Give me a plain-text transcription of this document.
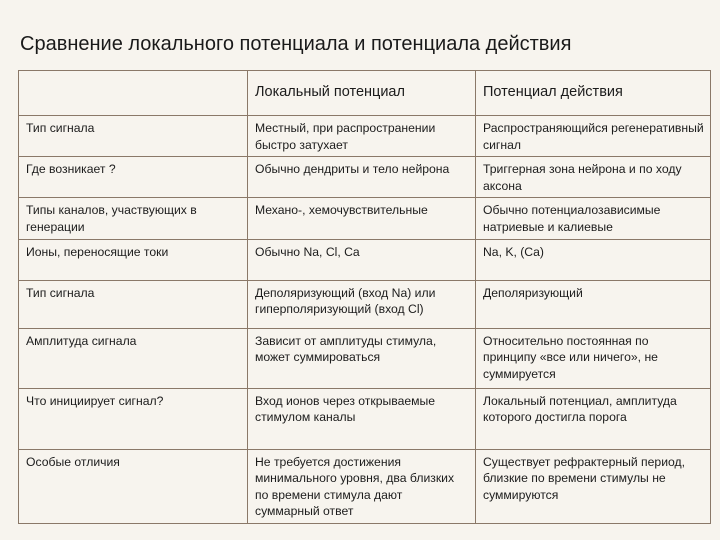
Сравнение локального потенциала и потенциала действия
	Локальный потенциал	Потенциал действия
Тип сигнала	Местный, при распространении быстро затухает	Распространяющийся регенеративный сигнал
Где возникает ?	Обычно дендриты и тело нейрона	Триггерная зона нейрона и по ходу аксона
Типы каналов, участвующих в генерации	Механо-, хемочувствительные	Обычно потенциалозависимые натриевые и калиевые
Ионы, переносящие токи	Обычно Na, Cl, Ca	Na, K, (Ca)
Тип сигнала	Деполяризующий (вход Na) или гиперполяризующий (вход Cl)	Деполяризующий
Амплитуда сигнала	Зависит от амплитуды стимула, может суммироваться	Относительно постоянная по принципу «все или ничего», не суммируется
Что инициирует сигнал?	Вход ионов через открываемые стимулом каналы	Локальный потенциал, амплитуда которого достигла порога
Особые отличия	Не требуется достижения минимального уровня, два близких по времени стимула дают суммарный ответ	Существует рефрактерный период, близкие по времени стимулы не суммируются
